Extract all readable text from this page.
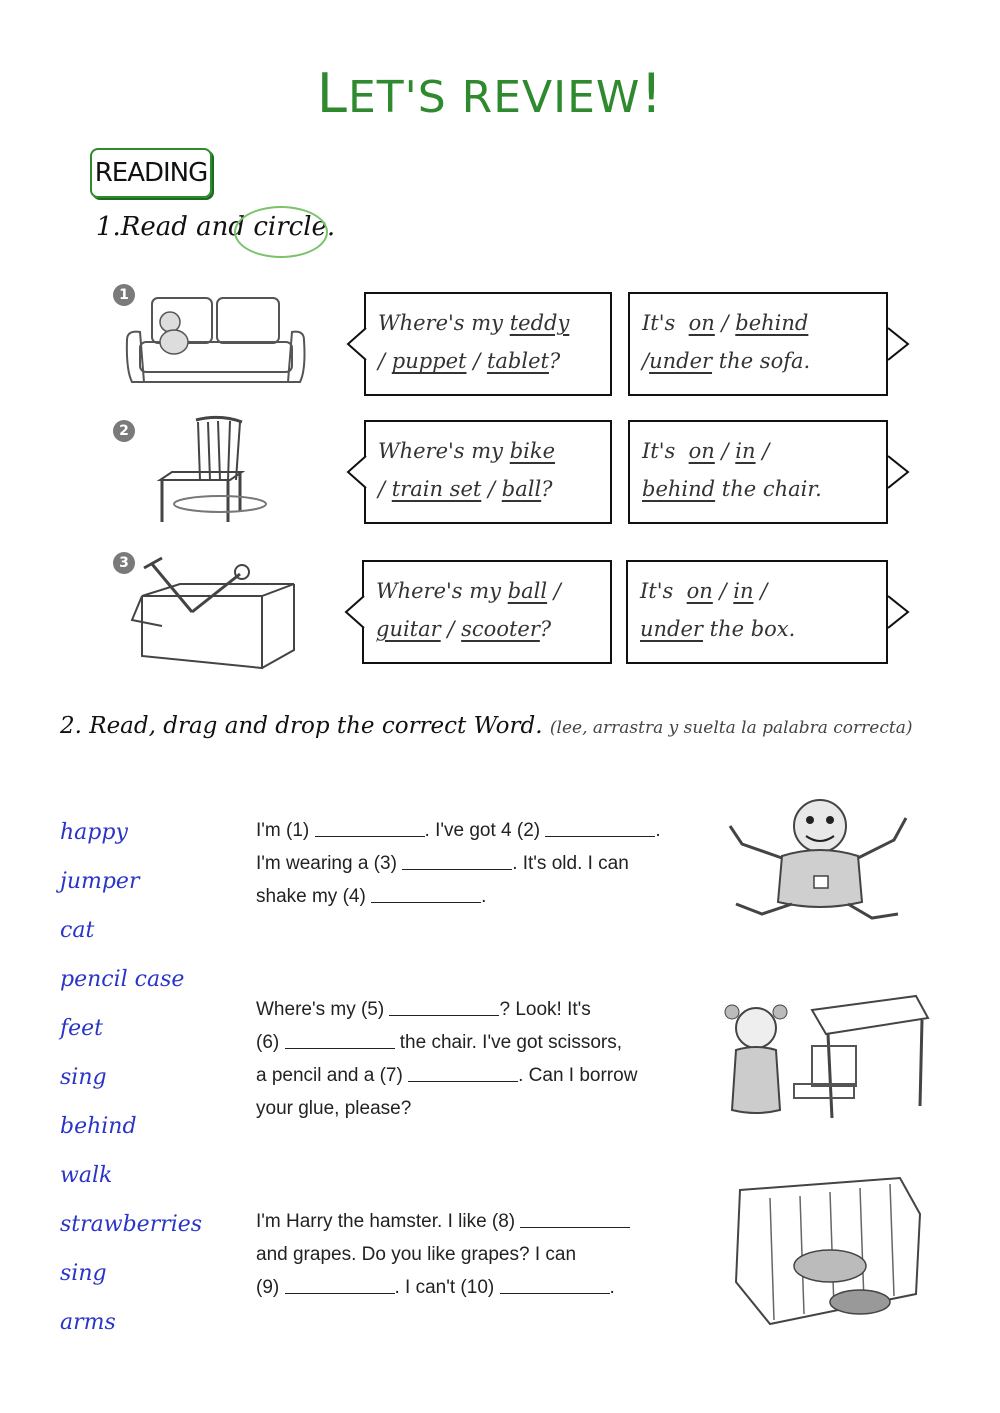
LET'S REVIEW!
READING
1.Read and circle.
1
Where's my teddy
/ puppet / tablet?
It's on / behind
/under the sofa.
2
Where's my bike
/ train set / ball?
It's on / in /
behind the chair.
3
Where's my ball /
guitar / scooter?
It's on / in /
under the box.
2. Read, drag and drop the correct Word. (lee, arrastra y suelta la palabra correcta)
happy
jumper
cat
pencil case
feet
sing
behind
walk
strawberries
sing
arms
I'm (1)	. I've got 4 (2)	.
I'm wearing a (3)	. It's old. I can
shake my (4)	.
Where's my (5)	? Look! It's
(6)	the chair. I've got scissors,
a pencil and a (7)	. Can I borrow
your glue, please?
I'm Harry the hamster. I like (8)
and grapes. Do you like grapes? I can
(9)	. I can't (10)	.
